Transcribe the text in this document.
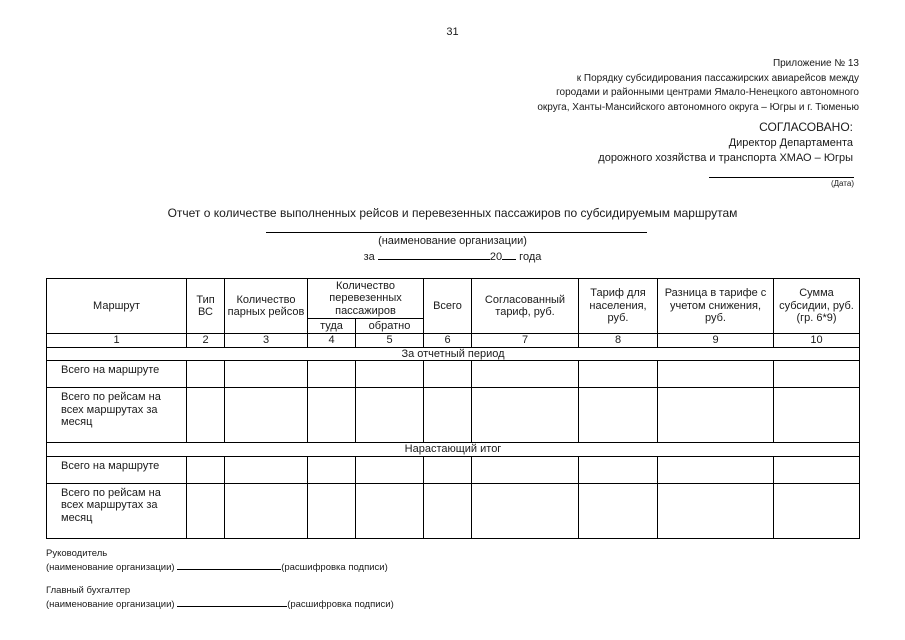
31
Приложение № 13
к Порядку субсидирования пассажирских авиарейсов между
городами и районными центрами Ямало-Ненецкого автономного
округа, Ханты-Мансийского автономного округа – Югры и г. Тюменью
СОГЛАСОВАНО:
Директор Департамента
дорожного хозяйства и транспорта ХМАО – Югры
(Дата)
Отчет о количестве выполненных рейсов и перевезенных пассажиров по субсидируемым маршрутам
(наименование организации)
за	20 года
Маршрут	Тип ВС	Количество парных рейсов	Количество перевезенных пассажиров		Всего	Согласованный тариф, руб.	Тариф для населения, руб.	Разница в тарифе с учетом снижения, руб.	Сумма субсидии, руб. (гр. 6*9)
			туда	обратно					
1	2	3	4	5	6	7	8	9	10
За отчетный период									
Всего на маршруте									
Всего по рейсам на всех маршрутах за месяц									
Нарастающий итог									
Всего на маршруте									
Всего по рейсам на всех маршрутах за месяц									
Руководитель
(наименование организации)	(расшифровка подписи)
Главный бухгалтер
(наименование организации)	(расшифровка подписи)
